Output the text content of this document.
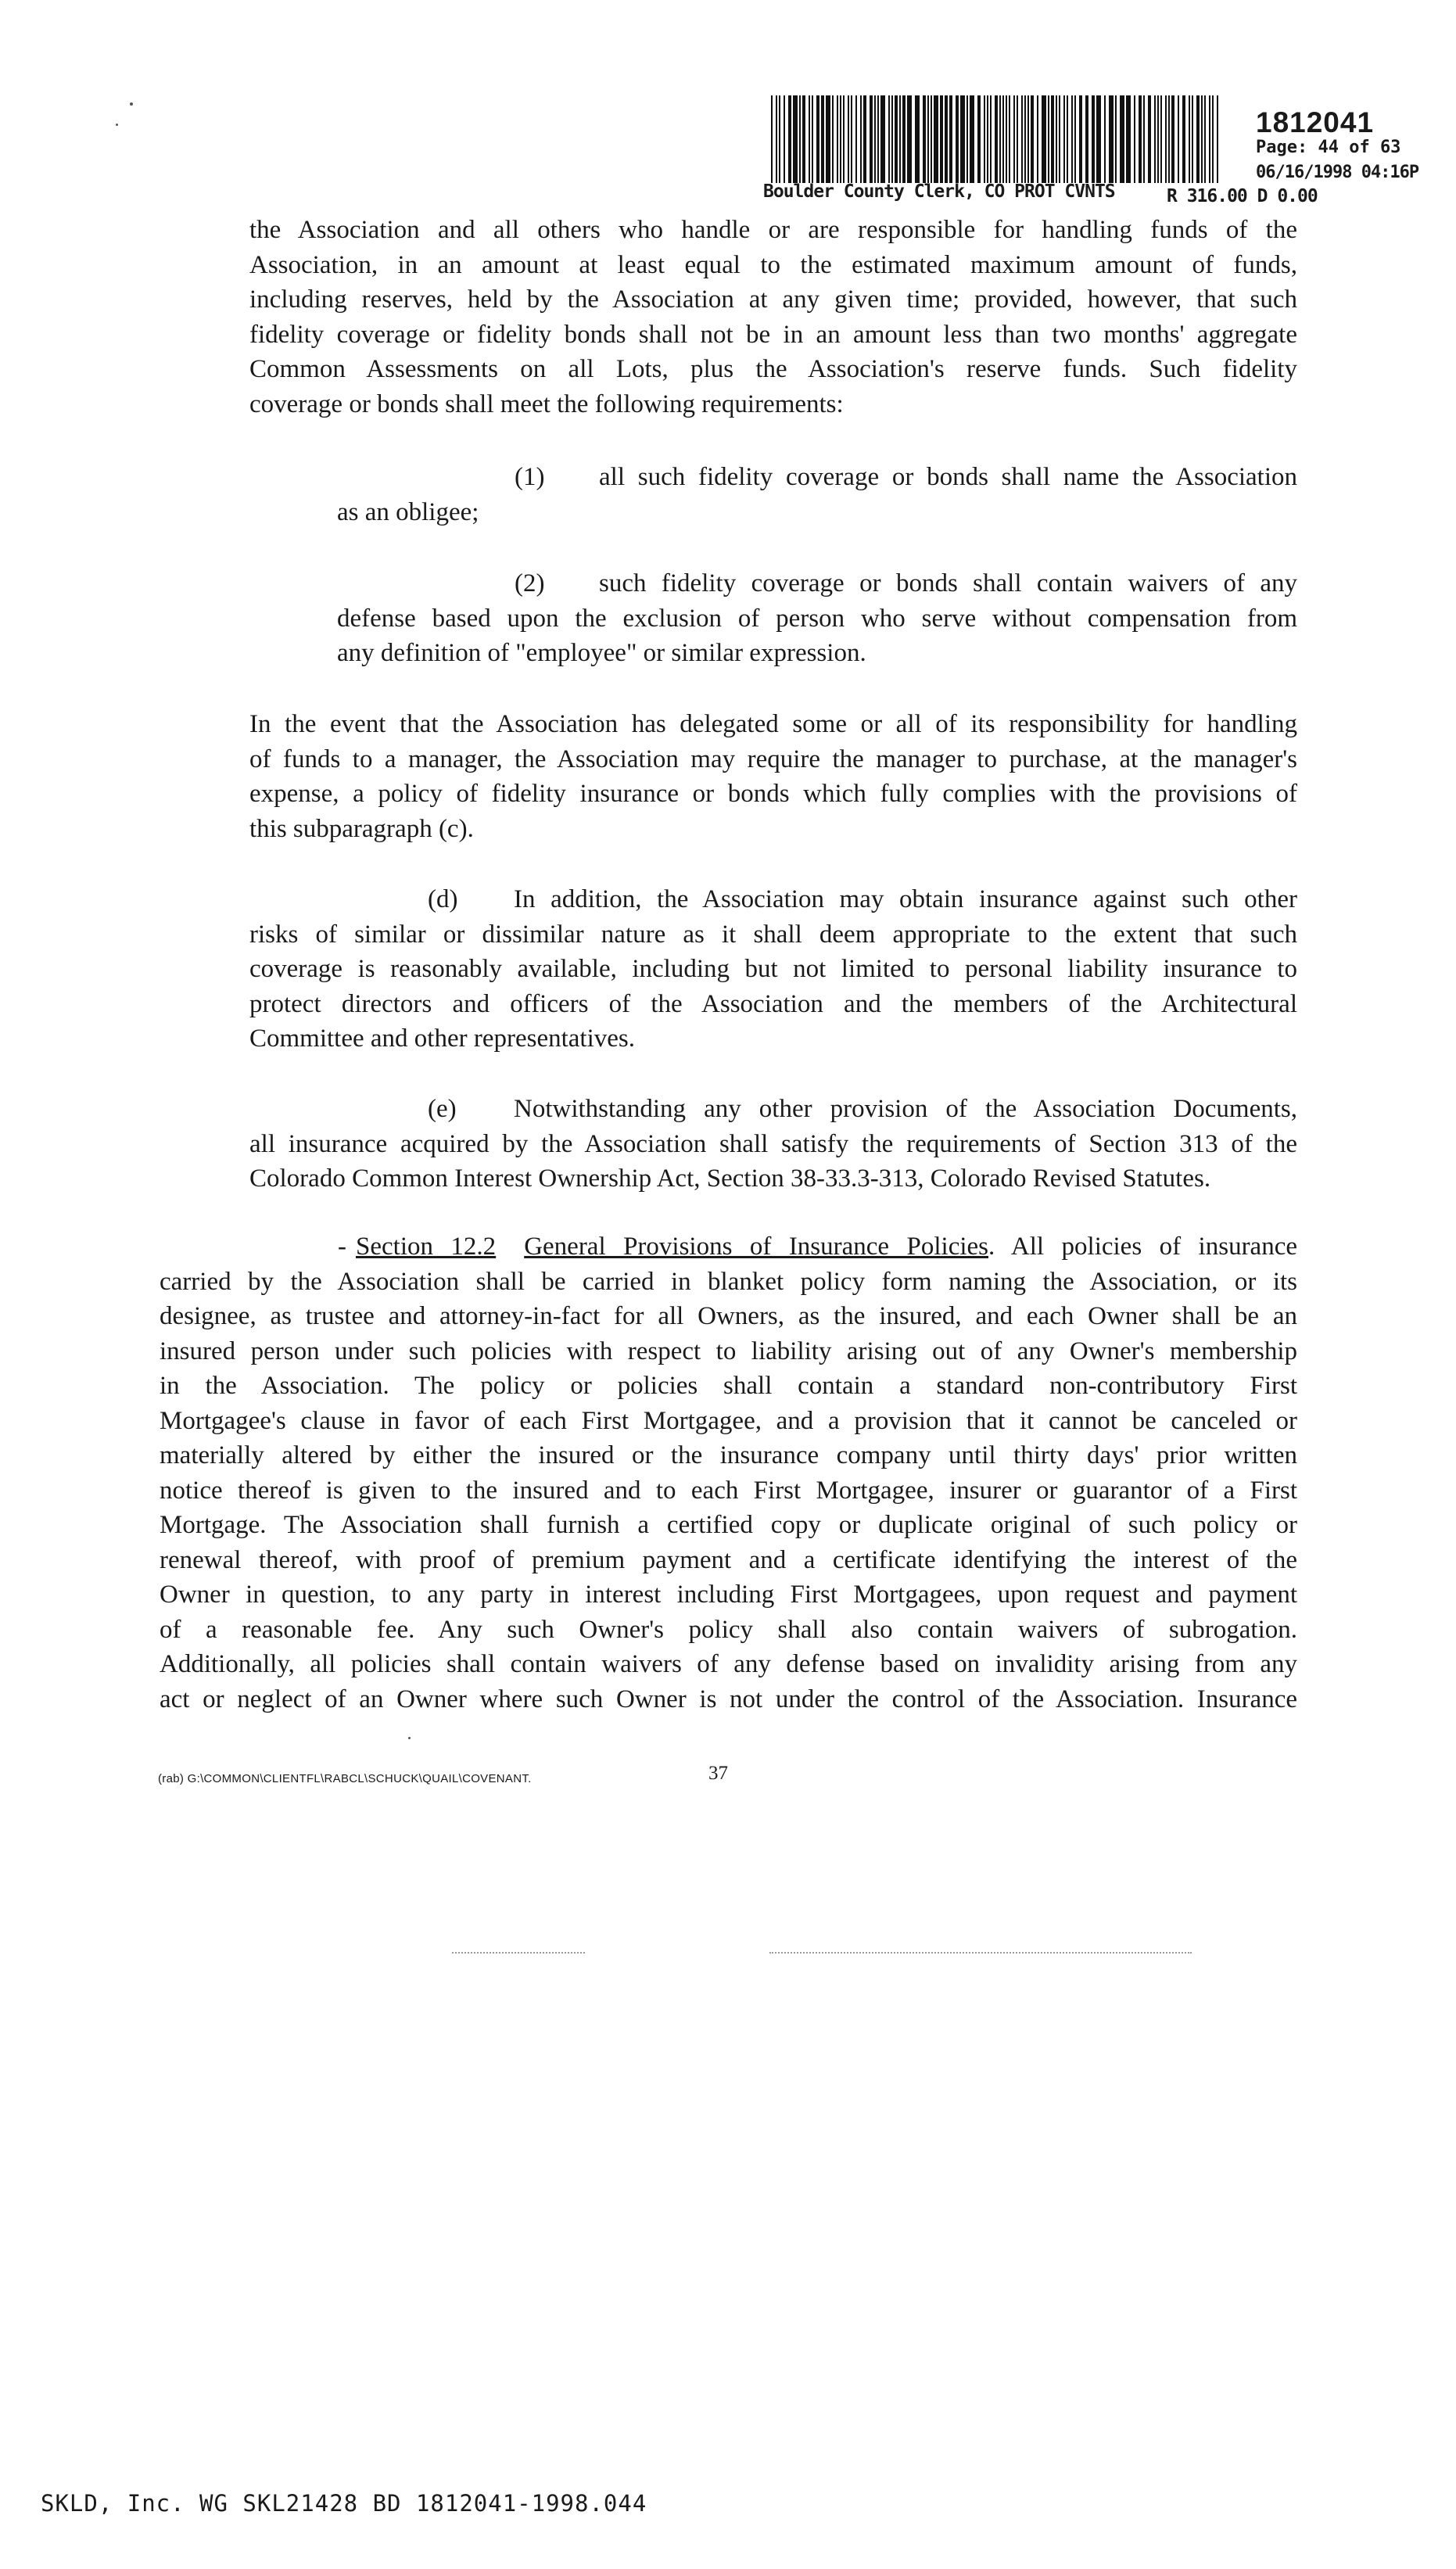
1812041
Page: 44 of 63
06/16/1998 04:16P
Boulder County Clerk, CO PROT CVNTS	R 316.00 D 0.00
the Association and all others who handle or are responsible for handling funds of the
Association, in an amount at least equal to the estimated maximum amount of funds,
including reserves, held by the Association at any given time; provided, however, that such
fidelity coverage or fidelity bonds shall not be in an amount less than two months' aggregate
Common Assessments on all Lots, plus the Association's reserve funds. Such fidelity
coverage or bonds shall meet the following requirements:
(1) all such fidelity coverage or bonds shall name the Association
as an obligee;
(2) such fidelity coverage or bonds shall contain waivers of any
defense based upon the exclusion of person who serve without compensation from
any definition of "employee" or similar expression.
In the event that the Association has delegated some or all of its responsibility for handling
of funds to a manager, the Association may require the manager to purchase, at the manager's
expense, a policy of fidelity insurance or bonds which fully complies with the provisions of
this subparagraph (c).
(d) In addition, the Association may obtain insurance against such other
risks of similar or dissimilar nature as it shall deem appropriate to the extent that such
coverage is reasonably available, including but not limited to personal liability insurance to
protect directors and officers of the Association and the members of the Architectural
Committee and other representatives.
(e) Notwithstanding any other provision of the Association Documents,
all insurance acquired by the Association shall satisfy the requirements of Section 313 of the
Colorado Common Interest Ownership Act, Section 38-33.3-313, Colorado Revised Statutes.
- Section 12.2 General Provisions of Insurance Policies. All policies of insurance
carried by the Association shall be carried in blanket policy form naming the Association, or its
designee, as trustee and attorney-in-fact for all Owners, as the insured, and each Owner shall be an
insured person under such policies with respect to liability arising out of any Owner's membership
in the Association. The policy or policies shall contain a standard non-contributory First
Mortgagee's clause in favor of each First Mortgagee, and a provision that it cannot be canceled or
materially altered by either the insured or the insurance company until thirty days' prior written
notice thereof is given to the insured and to each First Mortgagee, insurer or guarantor of a First
Mortgage. The Association shall furnish a certified copy or duplicate original of such policy or
renewal thereof, with proof of premium payment and a certificate identifying the interest of the
Owner in question, to any party in interest including First Mortgagees, upon request and payment
of a reasonable fee. Any such Owner's policy shall also contain waivers of subrogation.
Additionally, all policies shall contain waivers of any defense based on invalidity arising from any
act or neglect of an Owner where such Owner is not under the control of the Association. Insurance
(rab) G:\COMMON\CLIENTFL\RABCL\SCHUCK\QUAIL\COVENANT.	37
SKLD, Inc. WG SKL21428 BD 1812041-1998.044
